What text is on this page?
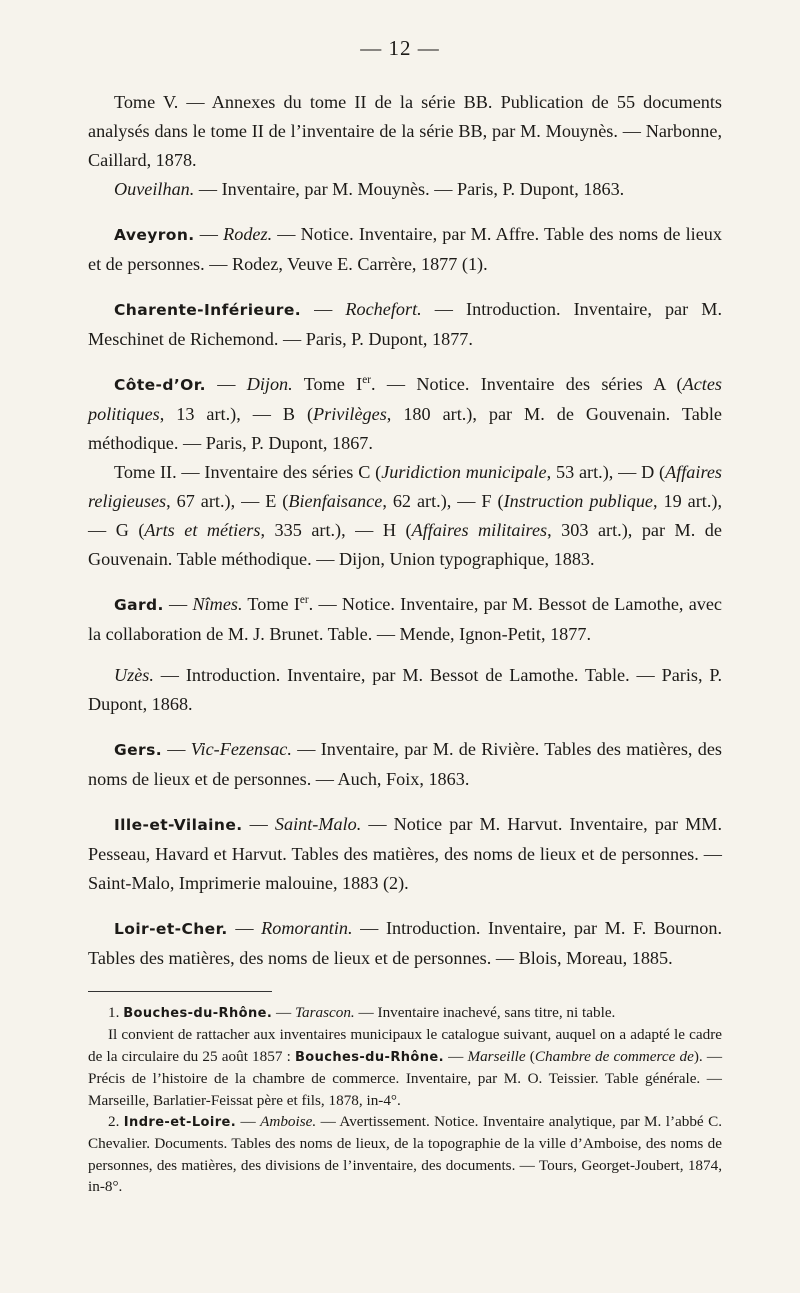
— 12 —

Tome V. — Annexes du tome II de la série BB. Publication de 55 documents analysés dans le tome II de l’inventaire de la série BB, par M. Mouynès. — Narbonne, Caillard, 1878.

Ouveilhan. — Inventaire, par M. Mouynès. — Paris, P. Dupont, 1863.

Aveyron. — Rodez. — Notice. Inventaire, par M. Affre. Table des noms de lieux et de personnes. — Rodez, Veuve E. Carrère, 1877 (1).

Charente-Inférieure. — Rochefort. — Introduction. Inventaire, par M. Meschinet de Richemond. — Paris, P. Dupont, 1877.

Côte-d’Or. — Dijon. Tome Ier. — Notice. Inventaire des séries A (Actes politiques, 13 art.), — B (Privilèges, 180 art.), par M. de Gouvenain. Table méthodique. — Paris, P. Dupont, 1867.

Tome II. — Inventaire des séries C (Juridiction municipale, 53 art.), — D (Affaires religieuses, 67 art.), — E (Bienfaisance, 62 art.), — F (Instruction publique, 19 art.), — G (Arts et métiers, 335 art.), — H (Affaires militaires, 303 art.), par M. de Gouvenain. Table méthodique. — Dijon, Union typographique, 1883.

Gard. — Nîmes. Tome Ier. — Notice. Inventaire, par M. Bessot de Lamothe, avec la collaboration de M. J. Brunet. Table. — Mende, Ignon-Petit, 1877.

Uzès. — Introduction. Inventaire, par M. Bessot de Lamothe. Table. — Paris, P. Dupont, 1868.

Gers. — Vic-Fezensac. — Inventaire, par M. de Rivière. Tables des matières, des noms de lieux et de personnes. — Auch, Foix, 1863.

Ille-et-Vilaine. — Saint-Malo. — Notice par M. Harvut. Inventaire, par MM. Pesseau, Havard et Harvut. Tables des matières, des noms de lieux et de personnes. — Saint-Malo, Imprimerie malouine, 1883 (2).

Loir-et-Cher. — Romorantin. — Introduction. Inventaire, par M. F. Bournon. Tables des matières, des noms de lieux et de personnes. — Blois, Moreau, 1885.

1. Bouches-du-Rhône. — Tarascon. — Inventaire inachevé, sans titre, ni table.

Il convient de rattacher aux inventaires municipaux le catalogue suivant, auquel on a adapté le cadre de la circulaire du 25 août 1857 : Bouches-du-Rhône. — Marseille (Chambre de commerce de). — Précis de l’histoire de la chambre de commerce. Inventaire, par M. O. Teissier. Table générale. — Marseille, Barlatier-Feissat père et fils, 1878, in-4°.

2. Indre-et-Loire. — Amboise. — Avertissement. Notice. Inventaire analytique, par M. l’abbé C. Chevalier. Documents. Tables des noms de lieux, de la topographie de la ville d’Amboise, des noms de personnes, des matières, des divisions de l’inventaire, des documents. — Tours, Georget-Joubert, 1874, in-8°.
